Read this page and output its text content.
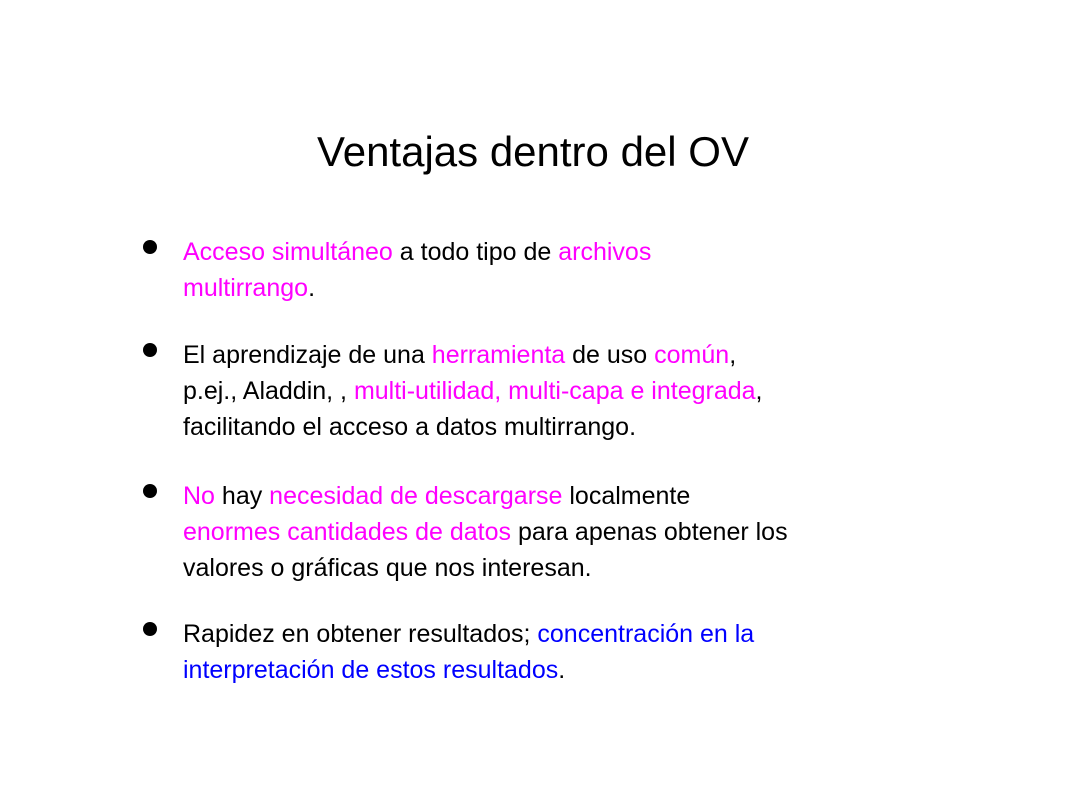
Ventajas dentro del OV
Acceso simultáneo a todo tipo de archivos
multirrango.
El aprendizaje de una herramienta de uso común,
p.ej., Aladdin, , multi-utilidad, multi-capa e integrada,
facilitando el acceso a datos multirrango.
No hay necesidad de descargarse localmente
enormes cantidades de datos para apenas obtener los
valores o gráficas que nos interesan.
Rapidez en obtener resultados; concentración en la
interpretación de estos resultados.
